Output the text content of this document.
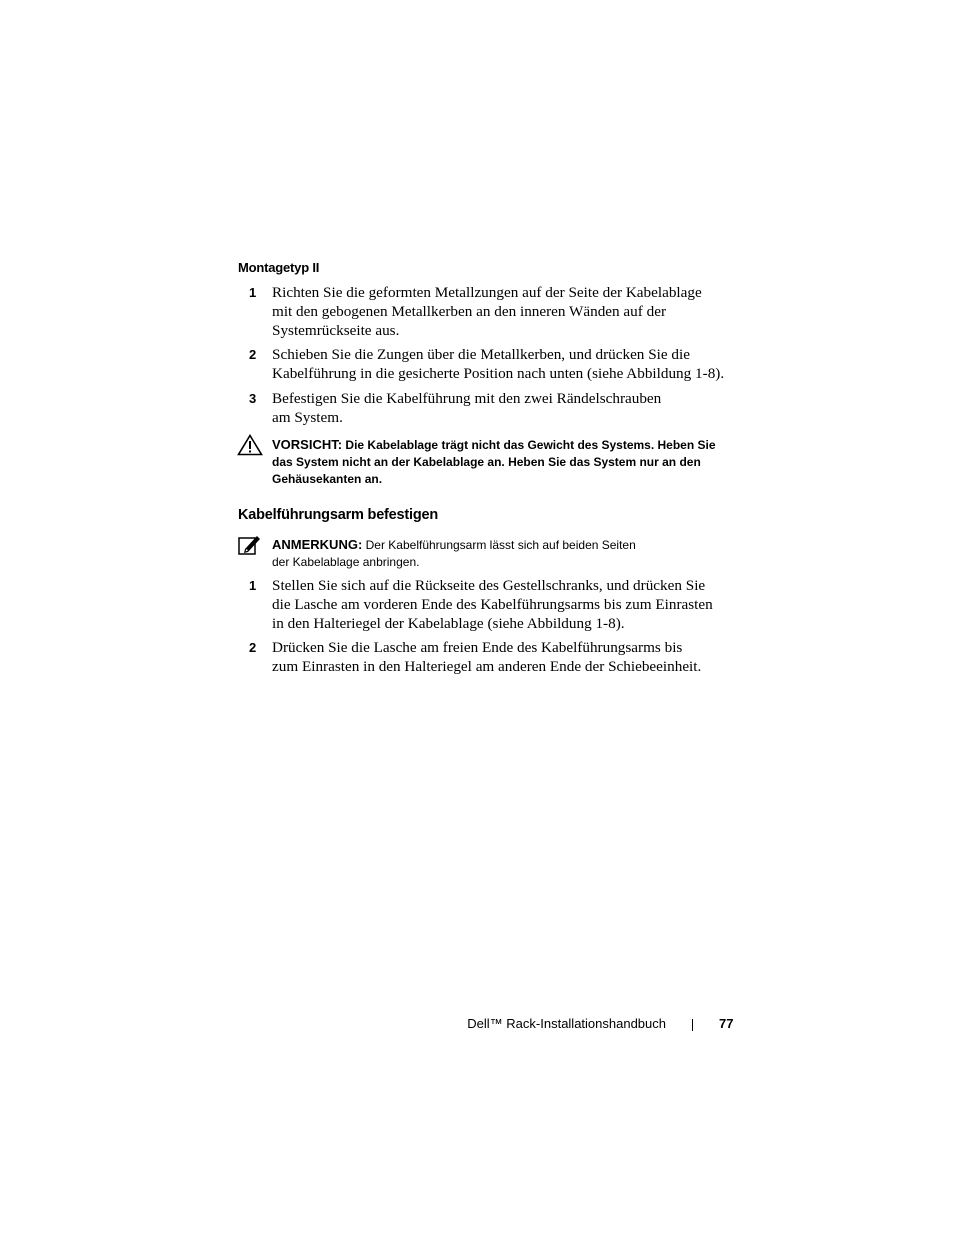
Montagetyp II
1	Richten Sie die geformten Metallzungen auf der Seite der Kabelablage
mit den gebogenen Metallkerben an den inneren Wänden auf der
Systemrückseite aus.
2	Schieben Sie die Zungen über die Metallkerben, und drücken Sie die
Kabelführung in die gesicherte Position nach unten (siehe Abbildung 1-8).
3	Befestigen Sie die Kabelführung mit den zwei Rändelschrauben
am System.
VORSICHT: Die Kabelablage trägt nicht das Gewicht des Systems. Heben Sie
das System nicht an der Kabelablage an. Heben Sie das System nur an den
Gehäusekanten an.
Kabelführungsarm befestigen
ANMERKUNG: Der Kabelführungsarm lässt sich auf beiden Seiten
der Kabelablage anbringen.
1	Stellen Sie sich auf die Rückseite des Gestellschranks, und drücken Sie
die Lasche am vorderen Ende des Kabelführungsarms bis zum Einrasten
in den Halteriegel der Kabelablage (siehe Abbildung 1-8).
2	Drücken Sie die Lasche am freien Ende des Kabelführungsarms bis
zum Einrasten in den Halteriegel am anderen Ende der Schiebeeinheit.
Dell™ Rack-Installationshandbuch	77
